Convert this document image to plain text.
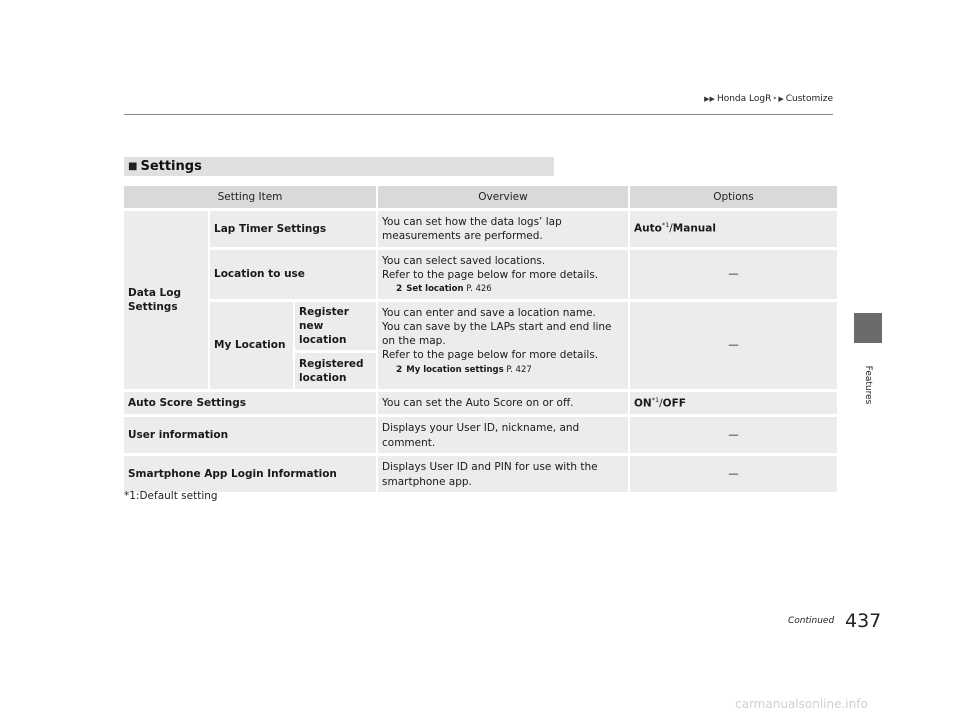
▶▶ Honda LogR * ▶ Customize
Features
■ Settings
Setting Item			Overview	Options
Data Log Settings	Lap Timer Settings		You can set how the data logs’ lap measurements are performed.	Auto$^{*1}$/Manual
	Location to use		You can select saved locations.
Refer to the page below for more details.
2 Set location P. 426	—
	My Location	Register new location	You can enter and save a location name.
You can save by the LAPs start and end line on the map.
Refer to the page below for more details.
2 My location settings P. 427	—
		Registered location		
Auto Score Settings			You can set the Auto Score on or off.	ON$^{*1}$/OFF
User information			Displays your User ID, nickname, and comment.	—
Smartphone App Login Information			Displays User ID and PIN for use with the smartphone app.	—
*1:Default setting
Continued 437
carmanualsonline.info
